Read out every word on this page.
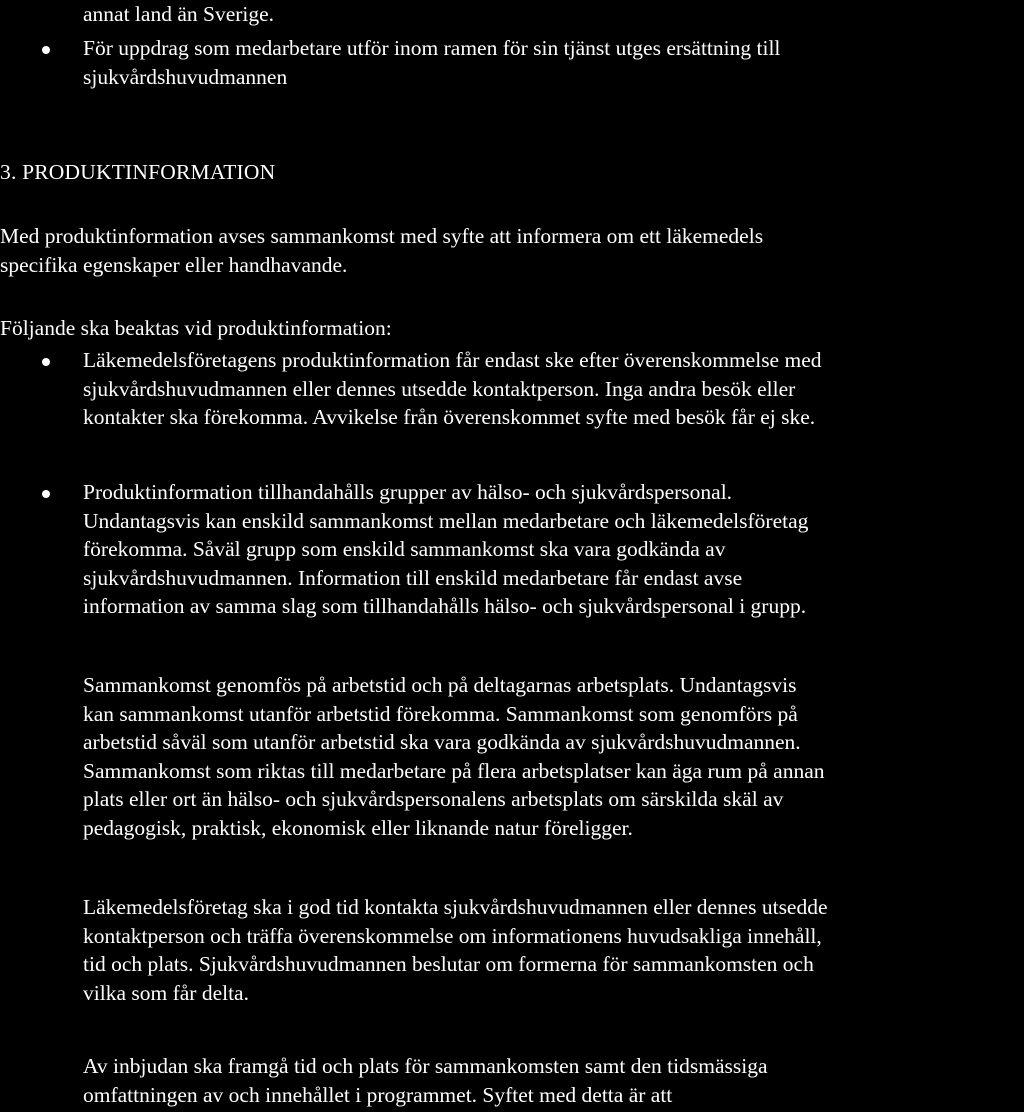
annat land än Sverige.
För uppdrag som medarbetare utför inom ramen för sin tjänst utges ersättning till
sjukvårdshuvudmannen
3. PRODUKTINFORMATION
Med produktinformation avses sammankomst med syfte att informera om ett läkemedels
specifika egenskaper eller handhavande.
Följande ska beaktas vid produktinformation:
Läkemedelsföretagens produktinformation får endast ske efter överenskommelse med
sjukvårdshuvudmannen eller dennes utsedde kontaktperson. Inga andra besök eller
kontakter ska förekomma. Avvikelse från överenskommet syfte med besök får ej ske.
Produktinformation tillhandahålls grupper av hälso- och sjukvårdspersonal.
Undantagsvis kan enskild sammankomst mellan medarbetare och läkemedelsföretag
förekomma. Såväl grupp som enskild sammankomst ska vara godkända av
sjukvårdshuvudmannen. Information till enskild medarbetare får endast avse
information av samma slag som tillhandahålls hälso- och sjukvårdspersonal i grupp.
Sammankomst genomfös på arbetstid och på deltagarnas arbetsplats. Undantagsvis
kan sammankomst utanför arbetstid förekomma. Sammankomst som genomförs på
arbetstid såväl som utanför arbetstid ska vara godkända av sjukvårdshuvudmannen.
Sammankomst som riktas till medarbetare på flera arbetsplatser kan äga rum på annan
plats eller ort än hälso- och sjukvårdspersonalens arbetsplats om särskilda skäl av
pedagogisk, praktisk, ekonomisk eller liknande natur föreligger.
Läkemedelsföretag ska i god tid kontakta sjukvårdshuvudmannen eller dennes utsedde
kontaktperson och träffa överenskommelse om informationens huvudsakliga innehåll,
tid och plats. Sjukvårdshuvudmannen beslutar om formerna för sammankomsten och
vilka som får delta.
Av inbjudan ska framgå tid och plats för sammankomsten samt den tidsmässiga
omfattningen av och innehållet i programmet. Syftet med detta är att
